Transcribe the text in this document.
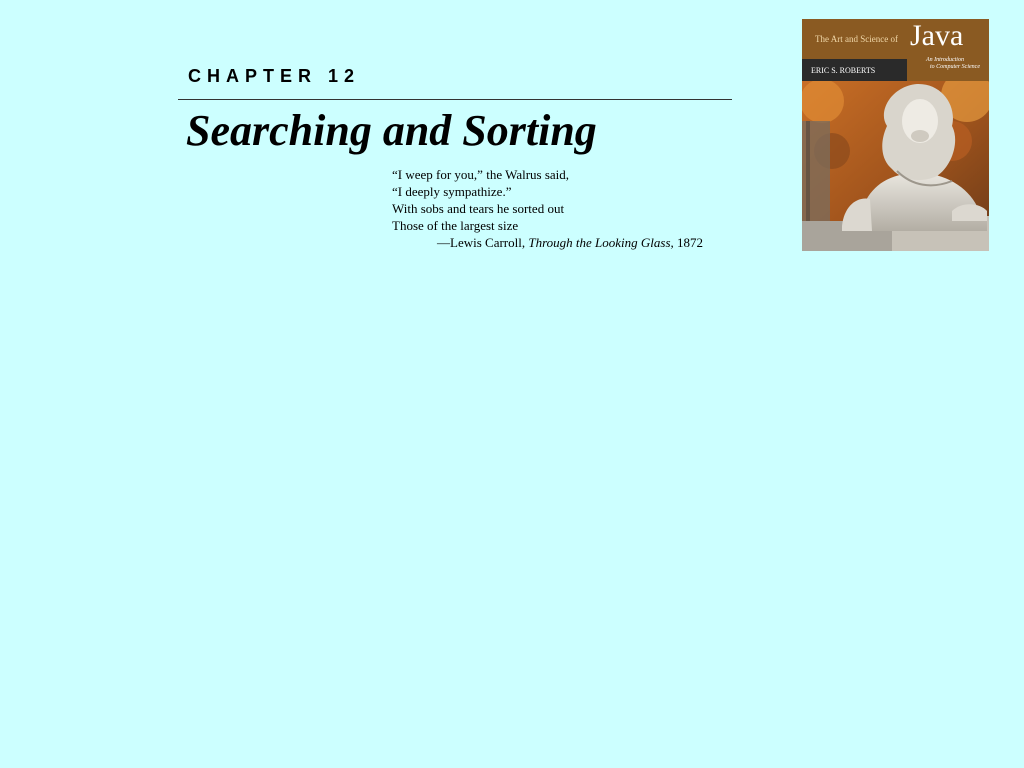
CHAPTER 12
Searching and Sorting
“I weep for you,” the Walrus said,
“I deeply sympathize.”
With sobs and tears he sorted out
Those of the largest size
—Lewis Carroll, Through the Looking Glass, 1872
The Art and Science of Java
An Introduction
to Computer Science
ERIC S. ROBERTS
